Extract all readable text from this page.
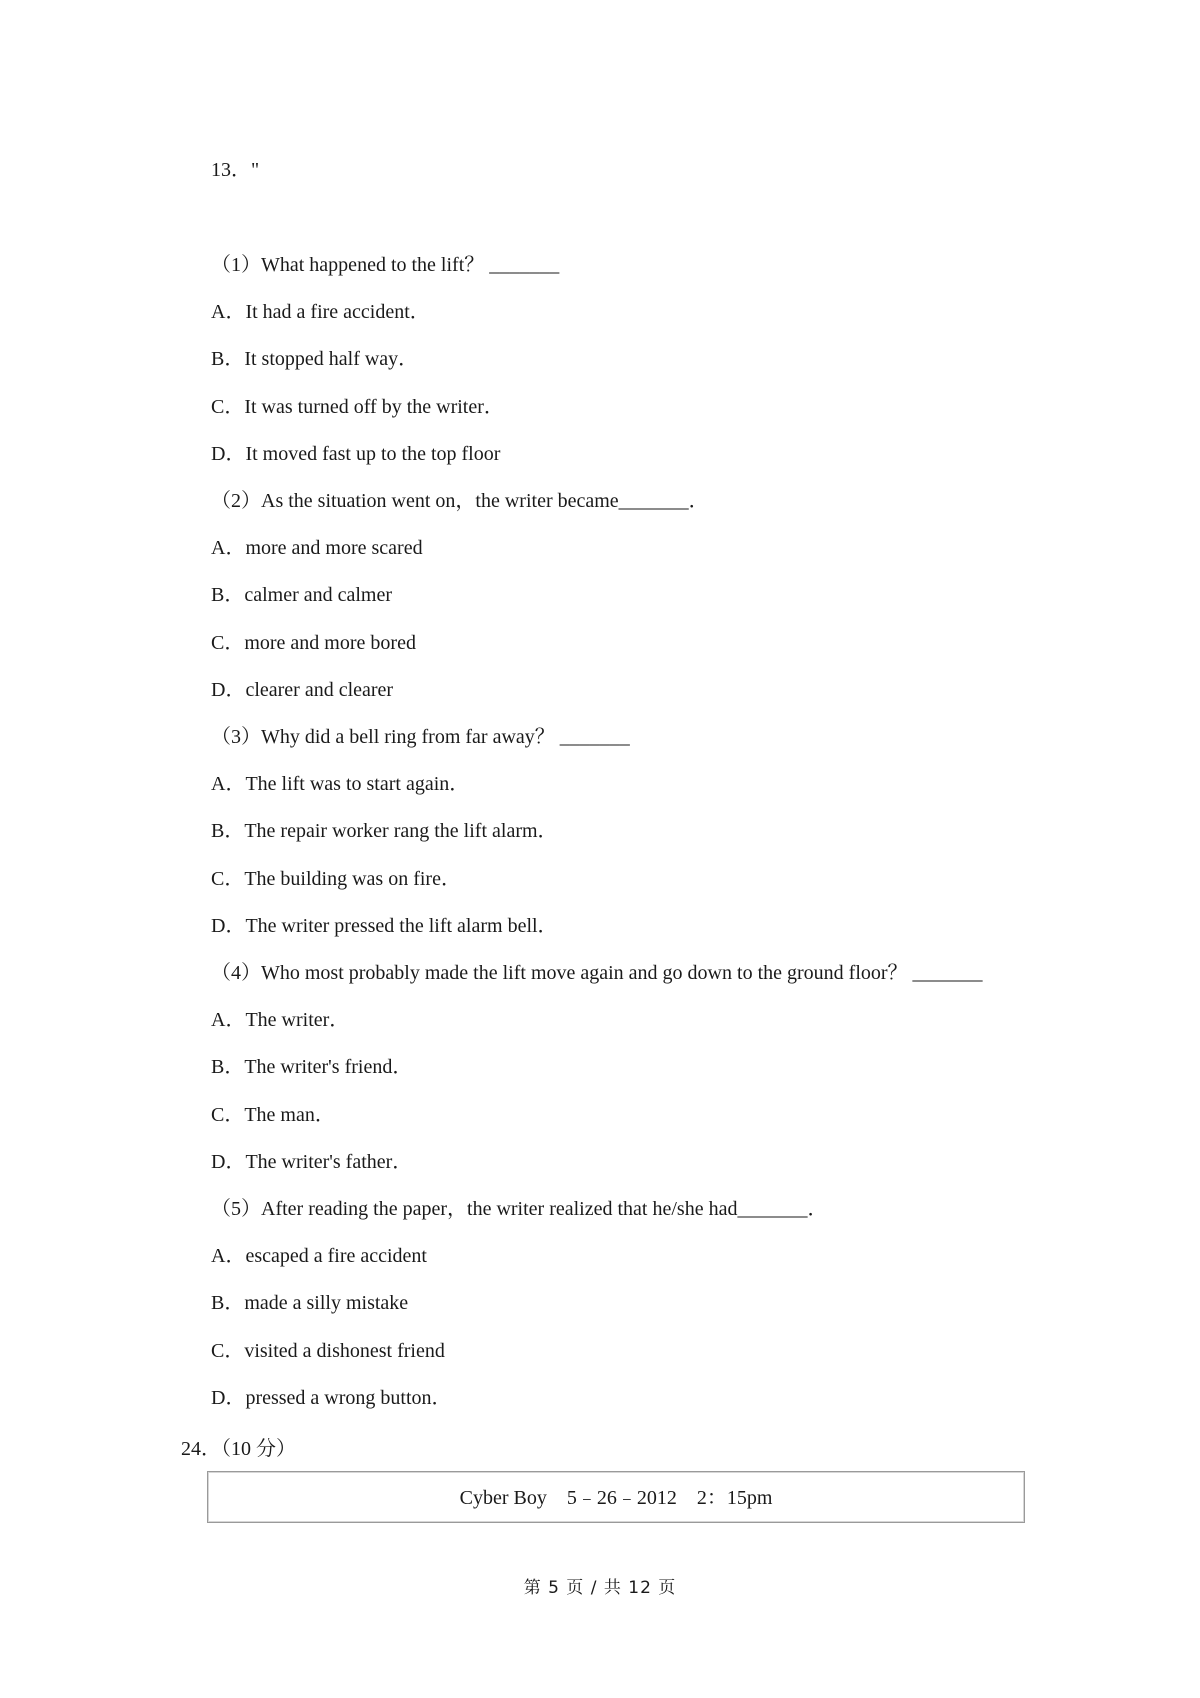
13．"
（1）What happened to the lift？ _______
A．It had a fire accident．
B．It stopped half way．
C．It was turned off by the writer．
D．It moved fast up to the top floor
（2）As the situation went on，the writer became_______．
A．more and more scared
B．calmer and calmer
C．more and more bored
D．clearer and clearer
（3）Why did a bell ring from far away？ _______
A．The lift was to start again．
B．The repair worker rang the lift alarm．
C．The building was on fire．
D．The writer pressed the lift alarm bell．
（4）Who most probably made the lift move again and go down to the ground floor？ _______
A．The writer．
B．The writer's friend．
C．The man．
D．The writer's father．
（5）After reading the paper，the writer realized that he/she had_______．
A．escaped a fire accident
B．made a silly mistake
C．visited a dishonest friend
D．pressed a wrong button．
24．（10 分）
Cyber Boy　5﹣26﹣2012　2：15pm
第 5 页 / 共 12 页
